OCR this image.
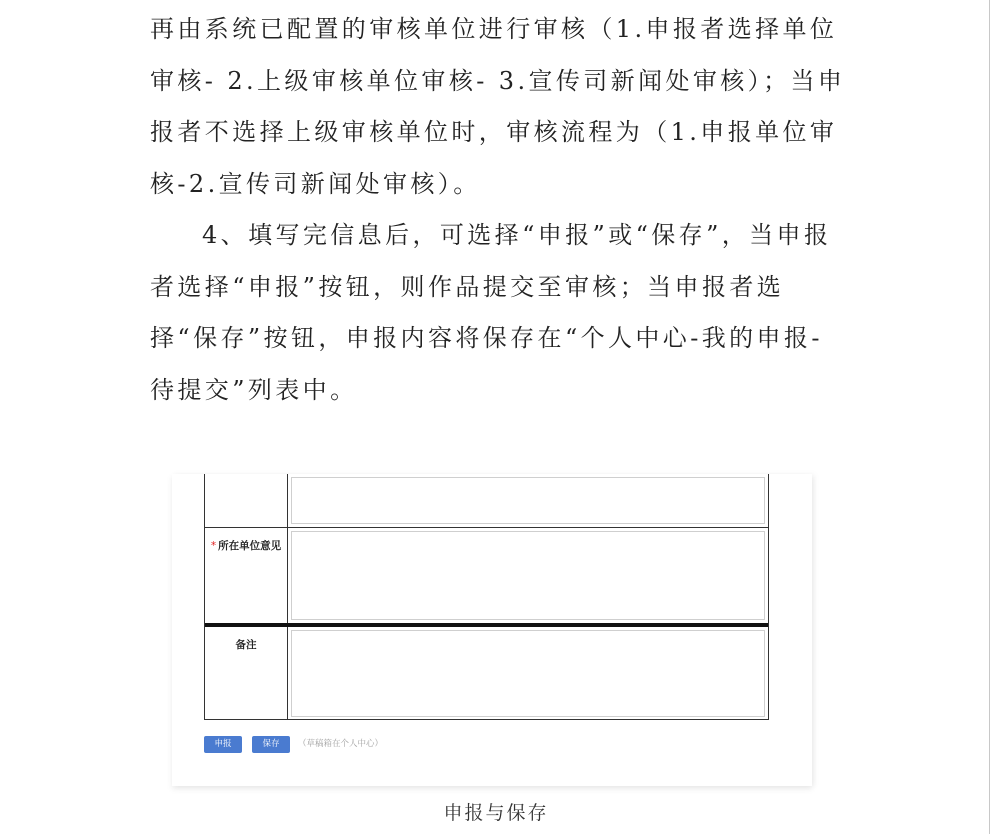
再由系统已配置的审核单位进行审核（1.申报者选择单位审核- 2.上级审核单位审核- 3.宣传司新闻处审核）；当申报者不选择上级审核单位时，审核流程为（1.申报单位审核-2.宣传司新闻处审核）。

4、填写完信息后，可选择“申报”或“保存”，当申报者选择“申报”按钮，则作品提交至审核；当申报者选择“保存”按钮，申报内容将保存在“个人中心-我的申报-待提交”列表中。

* 所在单位意见
备注
申报	保存	（草稿箱在个人中心）
申报与保存
